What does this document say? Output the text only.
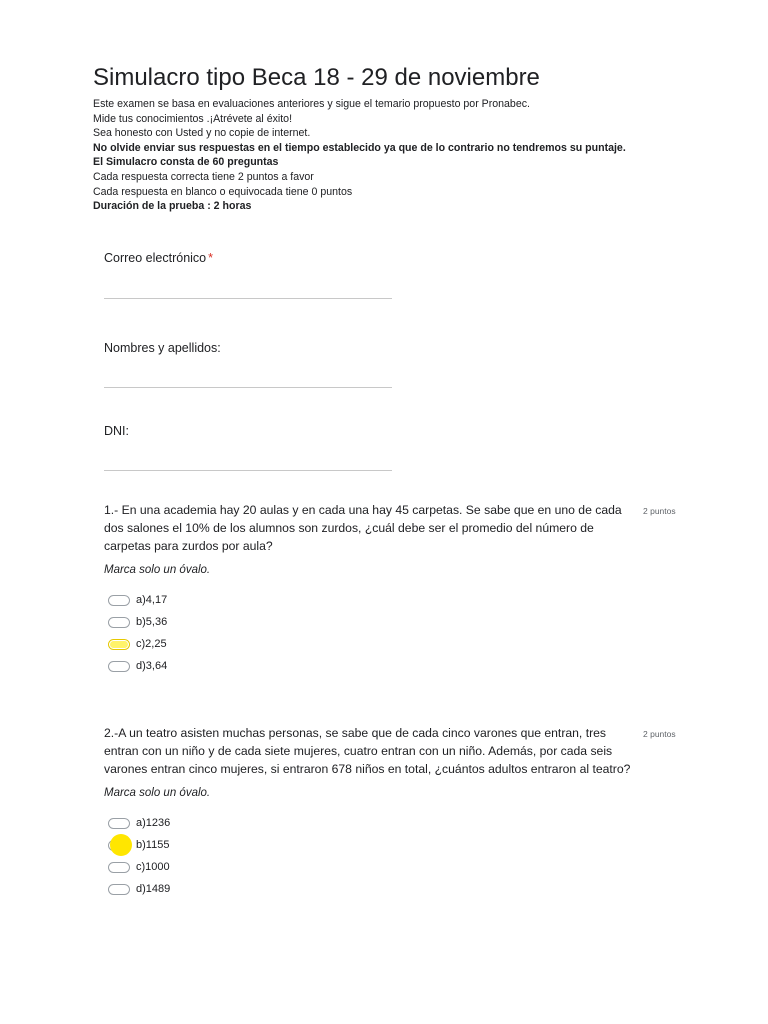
Simulacro tipo Beca 18 - 29 de noviembre
Este examen se basa en evaluaciones anteriores y sigue el temario propuesto por Pronabec.
Mide tus conocimientos .¡Atrévete al éxito!
Sea honesto con Usted y no copie de internet.
No olvide enviar sus respuestas en el tiempo establecido ya que de lo contrario no tendremos su puntaje.
El Simulacro consta de 60 preguntas
Cada respuesta correcta tiene 2 puntos a favor
Cada respuesta en blanco o equivocada tiene 0 puntos
Duración de la prueba : 2 horas
Correo electrónico *
Nombres y apellidos:
DNI:
2 puntos
1.- En una academia hay 20 aulas y en cada una hay 45 carpetas. Se sabe que en uno de cada dos salones el 10% de los alumnos son zurdos, ¿cuál debe ser el promedio del número de carpetas para zurdos por aula?
Marca solo un óvalo.
a)4,17
b)5,36
c)2,25
d)3,64
2 puntos
2.-A un teatro asisten muchas personas, se sabe que de cada cinco varones que entran, tres entran con un niño y de cada siete mujeres, cuatro entran con un niño. Además, por cada seis varones entran cinco mujeres, si entraron 678 niños en total, ¿cuántos adultos entraron al teatro?
Marca solo un óvalo.
a)1236
b)1155
c)1000
d)1489
